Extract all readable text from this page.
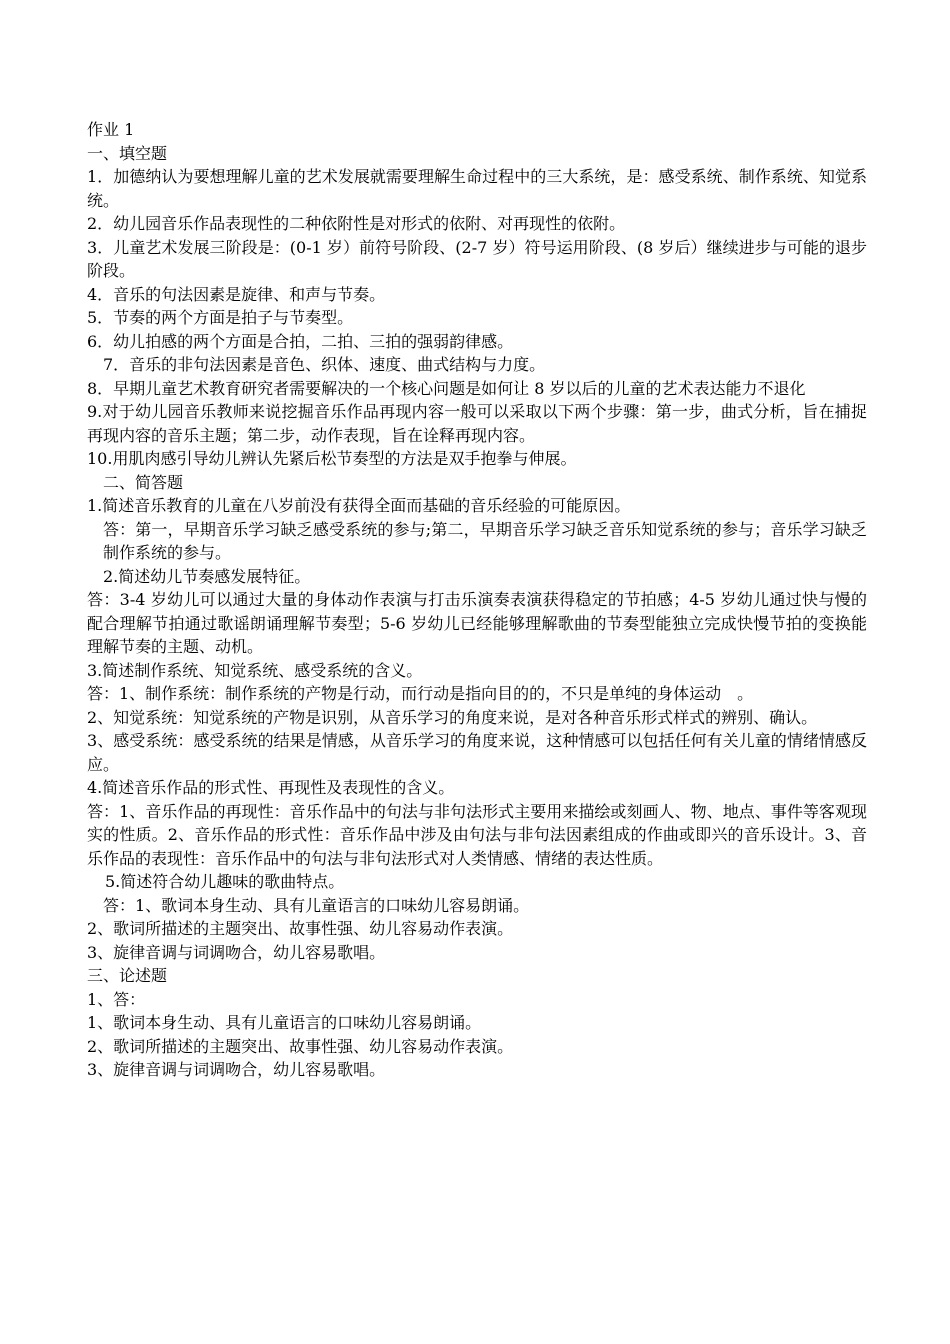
作业 1
一、填空题
1．加德纳认为要想理解儿童的艺术发展就需要理解生命过程中的三大系统，是：感受系统、制作系统、知觉系统。
2．幼儿园音乐作品表现性的二种依附性是对形式的依附、对再现性的依附。
3．儿童艺术发展三阶段是：(0-1 岁）前符号阶段、(2-7 岁）符号运用阶段、(8 岁后）继续进步与可能的退步阶段。
4．音乐的句法因素是旋律、和声与节奏。
5．节奏的两个方面是拍子与节奏型。
6．幼儿拍感的两个方面是合拍，二拍、三拍的强弱韵律感。
7．音乐的非句法因素是音色、织体、速度、曲式结构与力度。
8．早期儿童艺术教育研究者需要解决的一个核心问题是如何让 8 岁以后的儿童的艺术表达能力不退化
9.对于幼儿园音乐教师来说挖掘音乐作品再现内容一般可以采取以下两个步骤：第一步，曲式分析，旨在捕捉再现内容的音乐主题；第二步，动作表现，旨在诠释再现内容。
10.用肌肉感引导幼儿辨认先紧后松节奏型的方法是双手抱拳与伸展。
二、简答题
1.简述音乐教育的儿童在八岁前没有获得全面而基础的音乐经验的可能原因。
答：第一，早期音乐学习缺乏感受系统的参与;第二，早期音乐学习缺乏音乐知觉系统的参与；音乐学习缺乏制作系统的参与。
2.简述幼儿节奏感发展特征。
答：3-4 岁幼儿可以通过大量的身体动作表演与打击乐演奏表演获得稳定的节拍感；4-5 岁幼儿通过快与慢的配合理解节拍通过歌谣朗诵理解节奏型；5-6 岁幼儿已经能够理解歌曲的节奏型能独立完成快慢节拍的变换能理解节奏的主题、动机。
3.简述制作系统、知觉系统、感受系统的含义。
答：1、制作系统：制作系统的产物是行动，而行动是指向目的的，不只是单纯的身体运动　。
2、知觉系统：知觉系统的产物是识别，从音乐学习的角度来说，是对各种音乐形式样式的辨别、确认。
3、感受系统：感受系统的结果是情感，从音乐学习的角度来说，这种情感可以包括任何有关儿童的情绪情感反应。
4.简述音乐作品的形式性、再现性及表现性的含义。
答：1、音乐作品的再现性：音乐作品中的句法与非句法形式主要用来描绘或刻画人、物、地点、事件等客观现实的性质。2、音乐作品的形式性：音乐作品中涉及由句法与非句法因素组成的作曲或即兴的音乐设计。3、音乐作品的表现性：音乐作品中的句法与非句法形式对人类情感、情绪的表达性质。
5.简述符合幼儿趣味的歌曲特点。
答：1、歌词本身生动、具有儿童语言的口味幼儿容易朗诵。
2、歌词所描述的主题突出、故事性强、幼儿容易动作表演。
3、旋律音调与词调吻合，幼儿容易歌唱。
三、论述题
1、答：
1、歌词本身生动、具有儿童语言的口味幼儿容易朗诵。
2、歌词所描述的主题突出、故事性强、幼儿容易动作表演。
3、旋律音调与词调吻合，幼儿容易歌唱。
